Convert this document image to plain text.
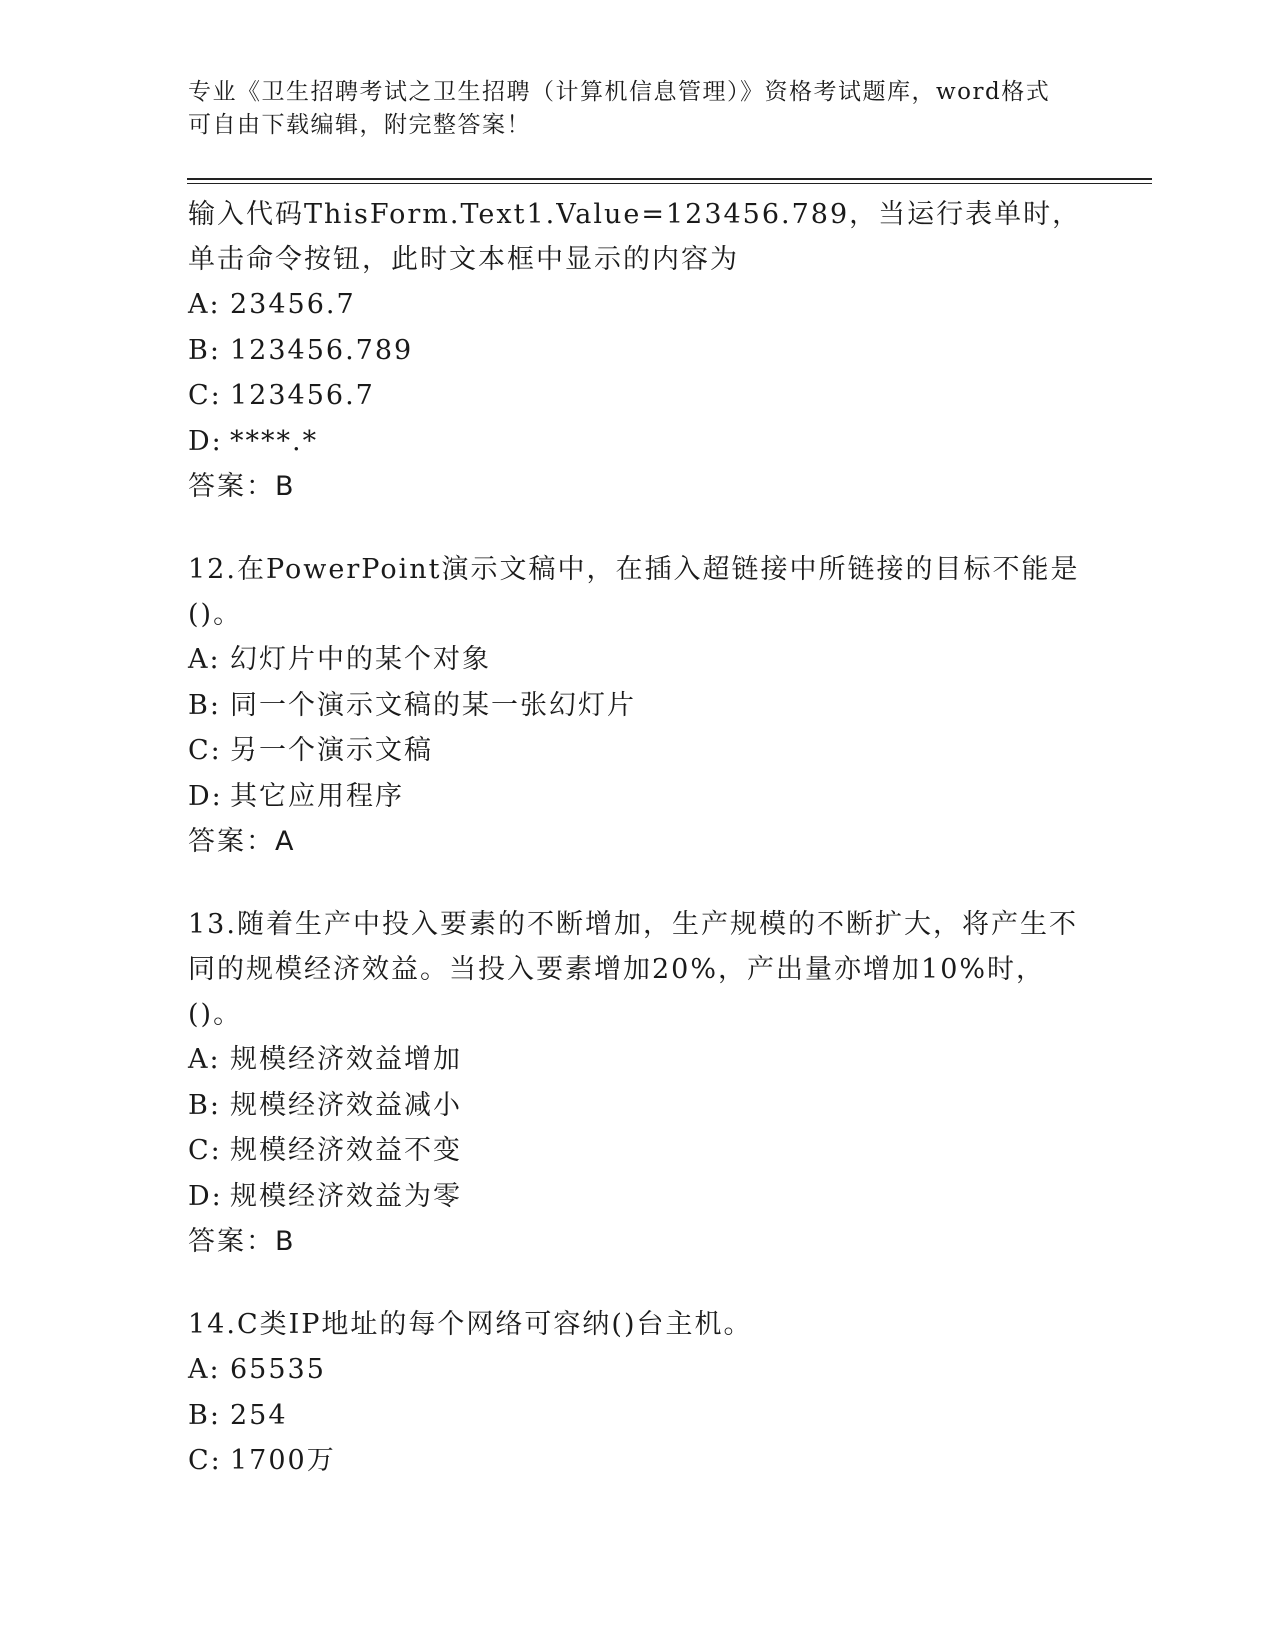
专业《卫生招聘考试之卫生招聘（计算机信息管理）》资格考试题库，word格式
可自由下载编辑，附完整答案！

输入代码ThisForm.Text1.Value=123456.789，当运行表单时，单击命令按钮，此时文本框中显示的内容为

A: 23456.7

B: 123456.789

C: 123456.7

D: ****.*

答案：B

12.在PowerPoint演示文稿中，在插入超链接中所链接的目标不能是()。

A: 幻灯片中的某个对象

B: 同一个演示文稿的某一张幻灯片

C: 另一个演示文稿

D: 其它应用程序

答案：A

13.随着生产中投入要素的不断增加，生产规模的不断扩大，将产生不同的规模经济效益。当投入要素增加20%，产出量亦增加10%时，()。

A: 规模经济效益增加

B: 规模经济效益减小

C: 规模经济效益不变

D: 规模经济效益为零

答案：B

14.C类IP地址的每个网络可容纳()台主机。

A: 65535

B: 254

C: 1700万
